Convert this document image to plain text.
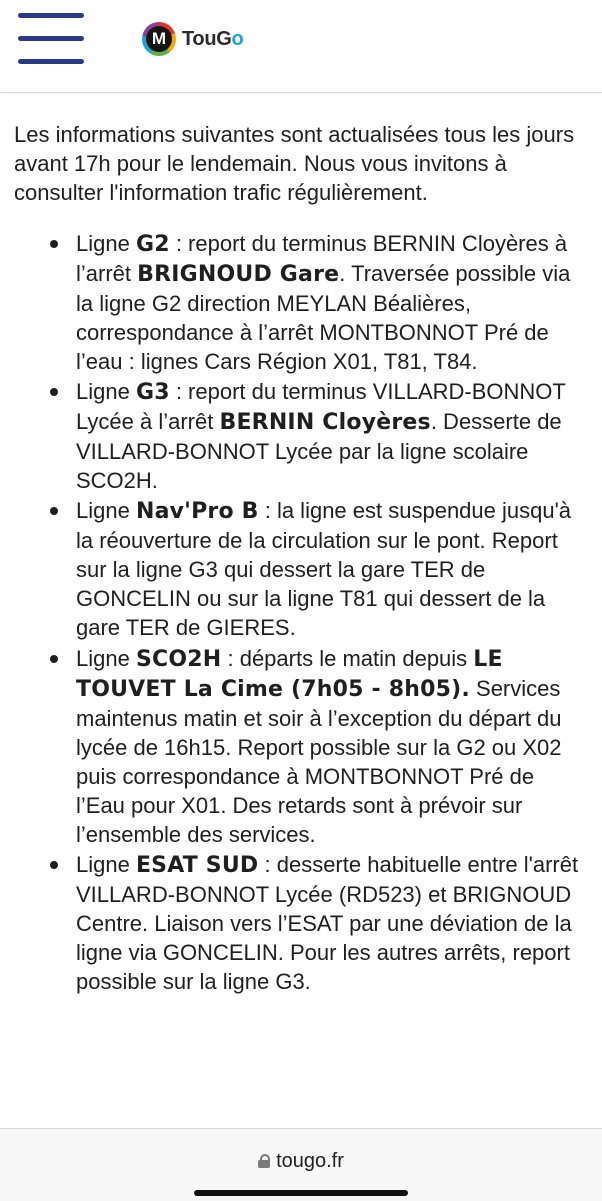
M TouGo

Les informations suivantes sont actualisées tous les jours avant 17h pour le lendemain. Nous vous invitons à consulter l'information trafic régulièrement.

Ligne G2 : report du terminus BERNIN Cloyères à l’arrêt BRIGNOUD Gare. Traversée possible via la ligne G2 direction MEYLAN Béalières, correspondance à l’arrêt MONTBONNOT Pré de l’eau : lignes Cars Région X01, T81, T84.
Ligne G3 : report du terminus VILLARD-BONNOT Lycée à l’arrêt BERNIN Cloyères. Desserte de VILLARD-BONNOT Lycée par la ligne scolaire SCO2H.
Ligne Nav'Pro B : la ligne est suspendue jusqu'à la réouverture de la circulation sur le pont. Report sur la ligne G3 qui dessert la gare TER de GONCELIN ou sur la ligne T81 qui dessert de la gare TER de GIERES.
Ligne SCO2H : départs le matin depuis LE TOUVET La Cime (7h05 - 8h05). Services maintenus matin et soir à l’exception du départ du lycée de 16h15. Report possible sur la G2 ou X02 puis correspondance à MONTBONNOT Pré de l’Eau pour X01. Des retards sont à prévoir sur l’ensemble des services.
Ligne ESAT SUD : desserte habituelle entre l'arrêt VILLARD-BONNOT Lycée (RD523) et BRIGNOUD Centre. Liaison vers l’ESAT par une déviation de la ligne via GONCELIN. Pour les autres arrêts, report possible sur la ligne G3.
tougo.fr
